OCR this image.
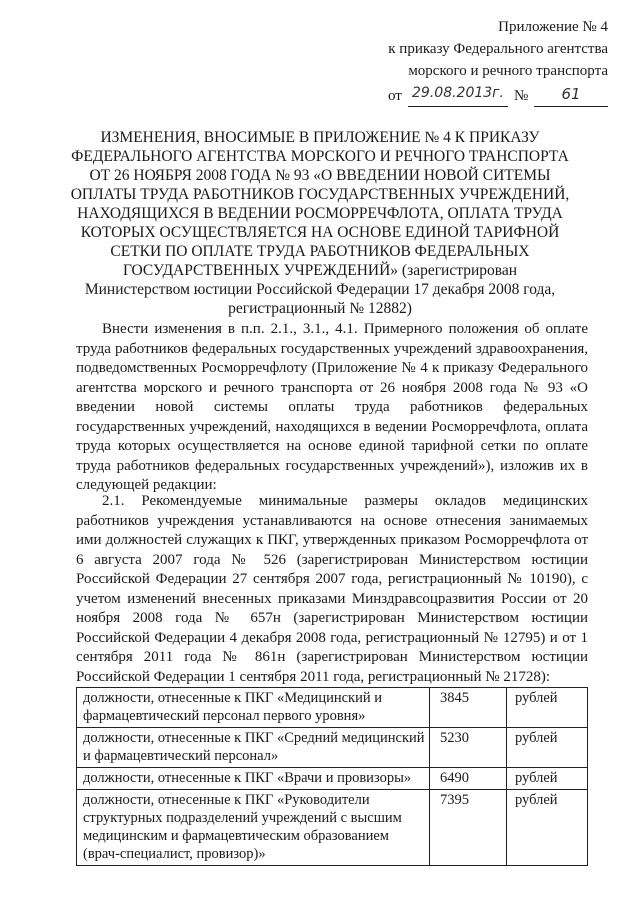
Приложение № 4
к приказу Федерального агентства
морского и речного транспорта
от 29.08.2013г. №	61
ИЗМЕНЕНИЯ, ВНОСИМЫЕ В ПРИЛОЖЕНИЕ № 4 К ПРИКАЗУ ФЕДЕРАЛЬНОГО АГЕНТСТВА МОРСКОГО И РЕЧНОГО ТРАНСПОРТА ОТ 26 НОЯБРЯ 2008 ГОДА № 93 «О ВВЕДЕНИИ НОВОЙ СИТЕМЫ ОПЛАТЫ ТРУДА РАБОТНИКОВ ГОСУДАРСТВЕННЫХ УЧРЕЖДЕНИЙ, НАХОДЯЩИХСЯ В ВЕДЕНИИ РОСМОРРЕЧФЛОТА, ОПЛАТА ТРУДА КОТОРЫХ ОСУЩЕСТВЛЯЕТСЯ НА ОСНОВЕ ЕДИНОЙ ТАРИФНОЙ СЕТКИ ПО ОПЛАТЕ ТРУДА РАБОТНИКОВ ФЕДЕРАЛЬНЫХ ГОСУДАРСТВЕННЫХ УЧРЕЖДЕНИЙ» (зарегистрирован Министерством юстиции Российской Федерации 17 декабря 2008 года, регистрационный № 12882)
Внести изменения в п.п. 2.1., 3.1., 4.1. Примерного положения об оплате труда работников федеральных государственных учреждений здравоохранения, подведомственных Росморречфлоту (Приложение № 4 к приказу Федерального агентства морского и речного транспорта от 26 ноября 2008 года № 93 «О введении новой системы оплаты труда работников федеральных государственных учреждений, находящихся в ведении Росморречфлота, оплата труда которых осуществляется на основе единой тарифной сетки по оплате труда работников федеральных государственных учреждений»), изложив их в следующей редакции:
2.1. Рекомендуемые минимальные размеры окладов медицинских работников учреждения устанавливаются на основе отнесения занимаемых ими должностей служащих к ПКГ, утвержденных приказом Росморречфлота от 6 августа 2007 года № 526 (зарегистрирован Министерством юстиции Российской Федерации 27 сентября 2007 года, регистрационный № 10190), с учетом изменений внесенных приказами Минздравсоцразвития России от 20 ноября 2008 года № 657н (зарегистрирован Министерством юстиции Российской Федерации 4 декабря 2008 года, регистрационный № 12795) и от 1 сентября 2011 года № 861н (зарегистрирован Министерством юстиции Российской Федерации 1 сентября 2011 года, регистрационный № 21728):
должности, отнесенные к ПКГ «Медицинский и фармацевтический персонал первого уровня»	3845	рублей
должности, отнесенные к ПКГ «Средний медицинский и фармацевтический персонал»	5230	рублей
должности, отнесенные к ПКГ «Врачи и провизоры»	6490	рублей
должности, отнесенные к ПКГ «Руководители структурных подразделений учреждений с высшим медицинским и фармацевтическим образованием (врач-специалист, провизор)»	7395	рублей
